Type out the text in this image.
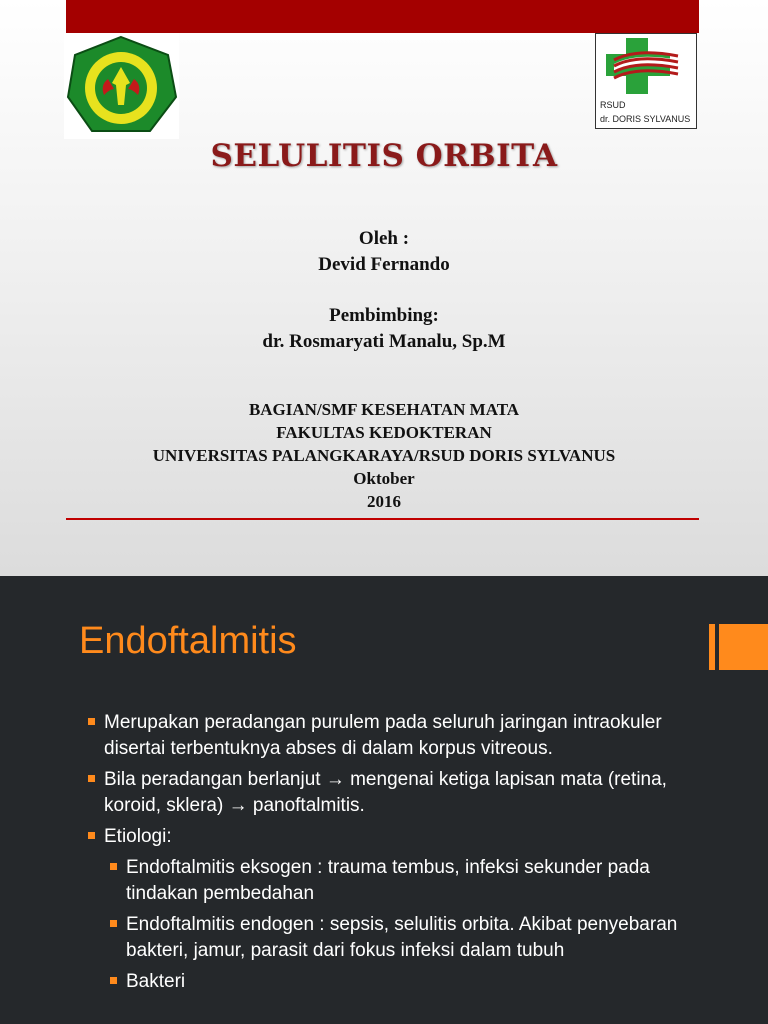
RSUD
dr. DORIS SYLVANUS
SELULITIS ORBITA
Oleh :
Devid Fernando
Pembimbing:
dr. Rosmaryati Manalu, Sp.M
BAGIAN/SMF KESEHATAN MATA
FAKULTAS KEDOKTERAN
UNIVERSITAS PALANGKARAYA/RSUD DORIS SYLVANUS
Oktober
2016
Endoftalmitis
Merupakan peradangan purulem pada seluruh jaringan intraokuler disertai terbentuknya abses di dalam korpus vitreous.
Bila peradangan berlanjut → mengenai ketiga lapisan mata (retina, koroid, sklera) → panoftalmitis.
Etiologi:
Endoftalmitis eksogen : trauma tembus, infeksi sekunder pada tindakan pembedahan
Endoftalmitis endogen : sepsis, selulitis orbita. Akibat penyebaran bakteri, jamur, parasit dari fokus infeksi dalam tubuh
Bakteri
